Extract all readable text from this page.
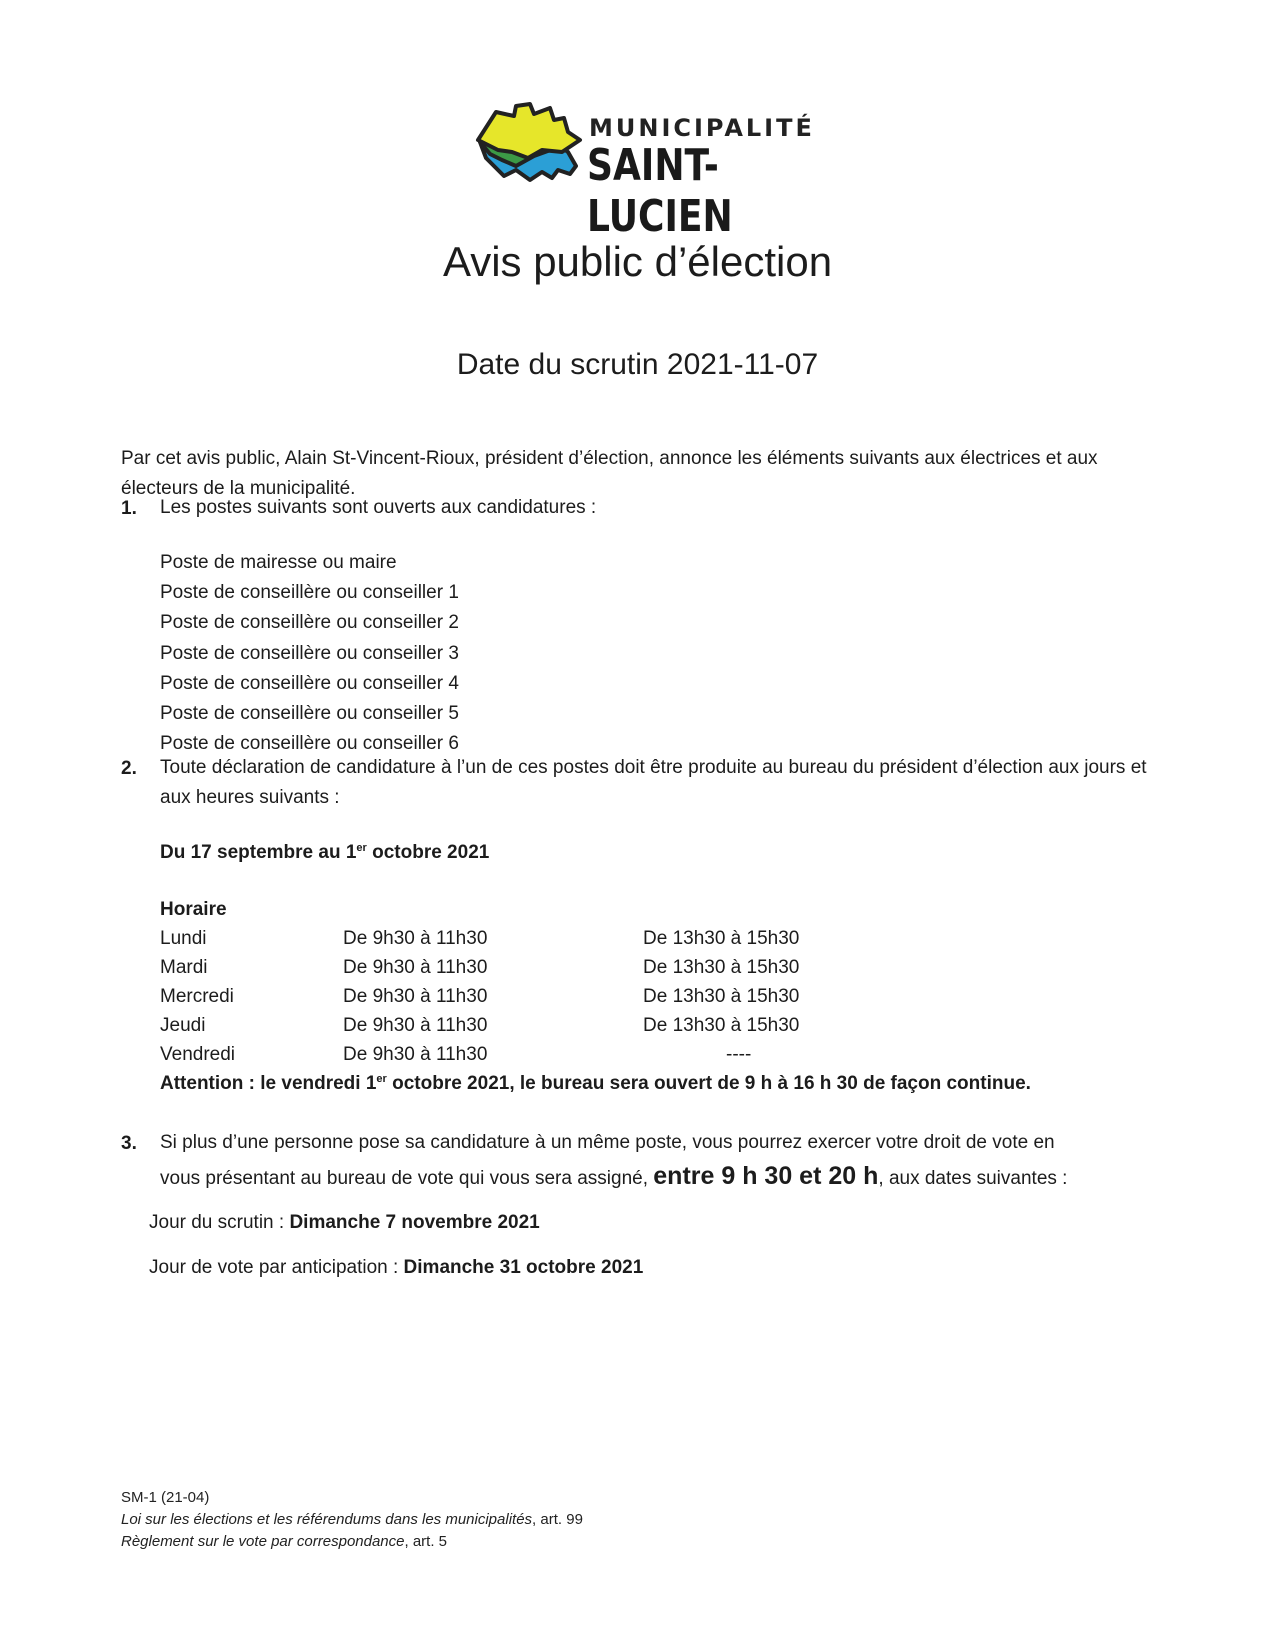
MUNICIPALITÉ
SAINT-LUCIEN
Avis public d’élection
Date du scrutin 2021-11-07
Par cet avis public, Alain St-Vincent-Rioux, président d’élection, annonce les éléments suivants aux électrices et aux électeurs de la municipalité.
1. Les postes suivants sont ouverts aux candidatures :
Poste de mairesse ou maire
Poste de conseillère ou conseiller 1
Poste de conseillère ou conseiller 2
Poste de conseillère ou conseiller 3
Poste de conseillère ou conseiller 4
Poste de conseillère ou conseiller 5
Poste de conseillère ou conseiller 6
2. Toute déclaration de candidature à l’un de ces postes doit être produite au bureau du président d’élection aux jours et aux heures suivants :
Du 17 septembre au 1er octobre 2021
Horaire
Lundi	De 9h30 à 11h30	De 13h30 à 15h30
Mardi	De 9h30 à 11h30	De 13h30 à 15h30
Mercredi	De 9h30 à 11h30	De 13h30 à 15h30
Jeudi	De 9h30 à 11h30	De 13h30 à 15h30
Vendredi	De 9h30 à 11h30	----
Attention : le vendredi 1er octobre 2021, le bureau sera ouvert de 9 h à 16 h 30 de façon continue.
3. Si plus d’une personne pose sa candidature à un même poste, vous pourrez exercer votre droit de vote en
vous présentant au bureau de vote qui vous sera assigné, entre 9 h 30 et 20 h, aux dates suivantes :
Jour du scrutin : Dimanche 7 novembre 2021
Jour de vote par anticipation : Dimanche 31 octobre 2021
SM-1 (21-04)
Loi sur les élections et les référendums dans les municipalités, art. 99
Règlement sur le vote par correspondance, art. 5
